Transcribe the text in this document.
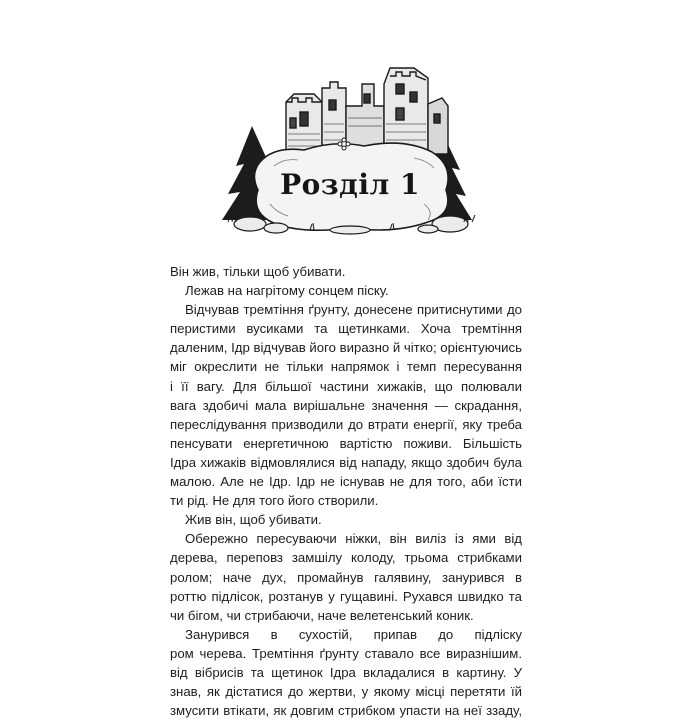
Розділ 1
Він жив, тільки щоб убивати.
Лежав на нагрітому сонцем піску.
Відчував тремтіння ґрунту, донесене притиснутими до
перистими вусиками та щетинками. Хоча тремтіння
даленим, Ідр відчував його виразно й чітко; орієнтуючись
міг окреслити не тільки напрямок і темп пересування
і її вагу. Для більшої частини хижаків, що полювали
вага здобичі мала вирішальне значення — скрадання,
переслідування призводили до втрати енергії, яку треба
пенсувати енергетичною вартістю поживи. Більшість
Ідра хижаків відмовлялися від нападу, якщо здобич була
малою. Але не Ідр. Ідр не існував не для того, аби їсти
ти рід. Не для того його створили.
Жив він, щоб убивати.
Обережно пересуваючи ніжки, він виліз із ями від
дерева, переповз замшілу колоду, трьома стрибками
ролом; наче дух, промайнув галявину, занурився в
роттю підлісок, розтанув у гущавині. Рухався швидко та
чи бігом, чи стрибаючи, наче велетенський коник.
Занурився в сухостій, припав до підліску
ром черева. Тремтіння ґрунту ставало все виразнішим.
від вібрисів та щетинок Ідра вкладалися в картину. У
знав, як дістатися до жертви, у якому місці перетяти їй
змусити втікати, як довгим стрибком упасти на неї ззаду,
